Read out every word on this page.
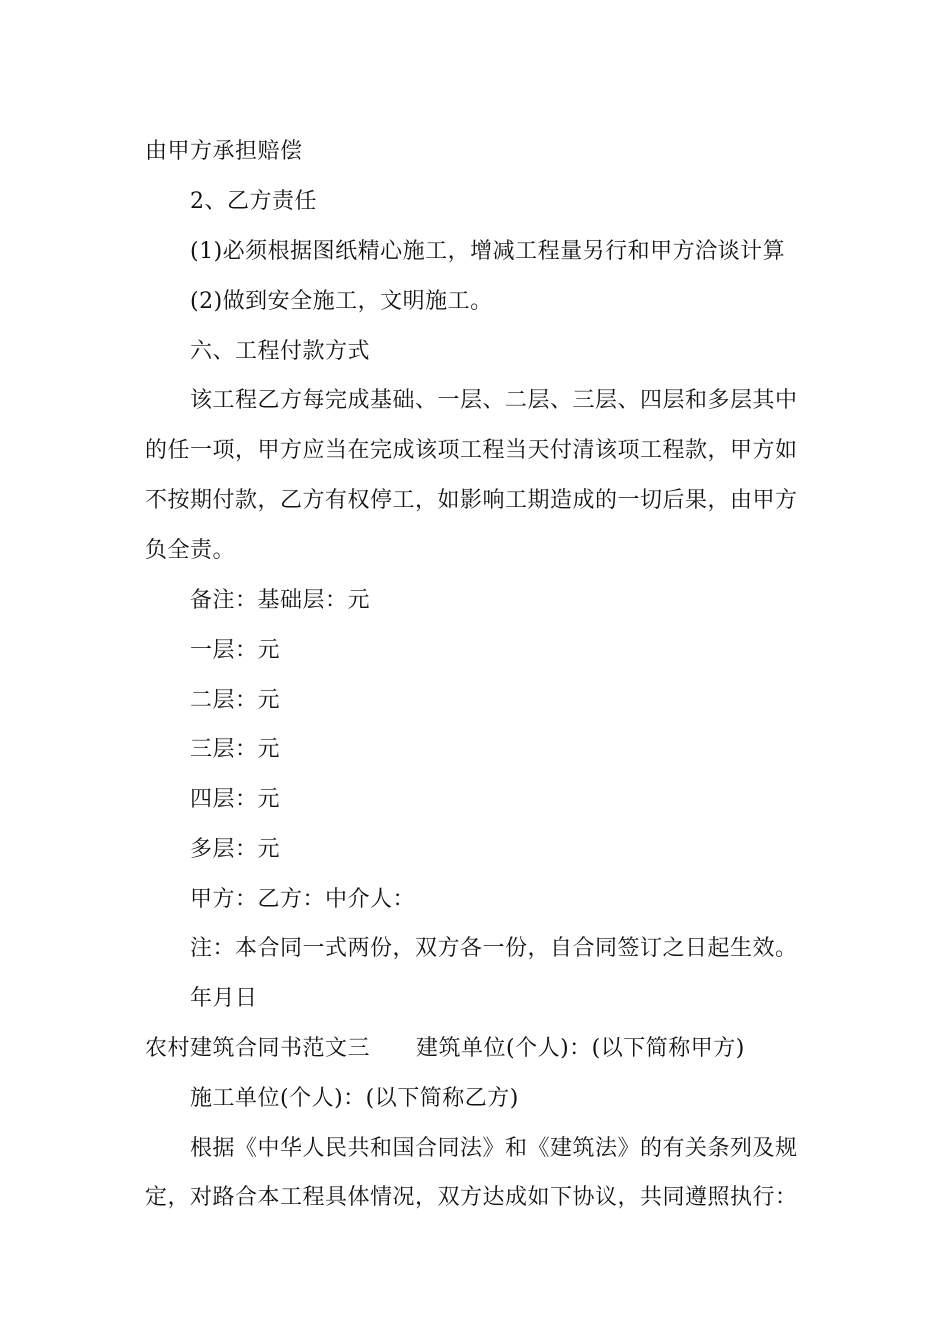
由甲方承担赔偿
2、乙方责任
(1)必须根据图纸精心施工，增减工程量另行和甲方洽谈计算
(2)做到安全施工，文明施工。
六、工程付款方式
该工程乙方每完成基础、一层、二层、三层、四层和多层其中
的任一项，甲方应当在完成该项工程当天付清该项工程款，甲方如
不按期付款，乙方有权停工，如影响工期造成的一切后果，由甲方
负全责。
备注：基础层：元
一层：元
二层：元
三层：元
四层：元
多层：元
甲方：乙方：中介人：
注：本合同一式两份，双方各一份，自合同签订之日起生效。
年月日
农村建筑合同书范文三 建筑单位(个人)：(以下简称甲方)
施工单位(个人)：(以下简称乙方)
根据《中华人民共和国合同法》和《建筑法》的有关条列及规
定，对路合本工程具体情况，双方达成如下协议，共同遵照执行：
